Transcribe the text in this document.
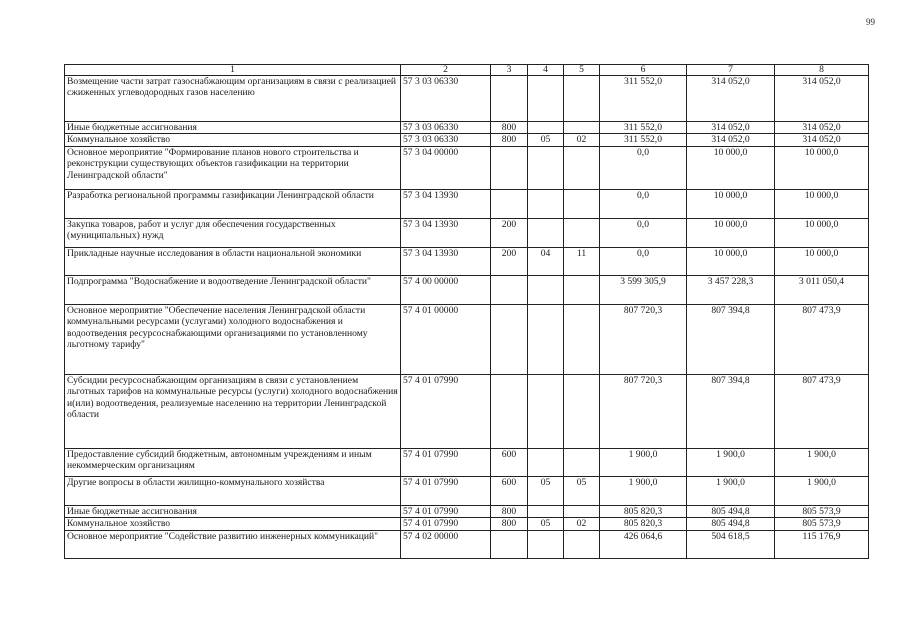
99
1	2	3	4	5	6	7	8
Возмещение части затрат газоснабжающим организациям в связи с реализацией сжиженных углеводородных газов населению	57 3 03 06330				311 552,0	314 052,0	314 052,0
Иные бюджетные ассигнования	57 3 03 06330	800			311 552,0	314 052,0	314 052,0
Коммунальное хозяйство	57 3 03 06330	800	05	02	311 552,0	314 052,0	314 052,0
Основное мероприятие "Формирование планов нового строительства и реконструкции существующих объектов газификации на территории Ленинградской области"	57 3 04 00000				0,0	10 000,0	10 000,0
Разработка региональной программы газификации Ленинградской области	57 3 04 13930				0,0	10 000,0	10 000,0
Закупка товаров, работ и услуг для обеспечения государственных (муниципальных) нужд	57 3 04 13930	200			0,0	10 000,0	10 000,0
Прикладные научные исследования в области национальной экономики	57 3 04 13930	200	04	11	0,0	10 000,0	10 000,0
Подпрограмма "Водоснабжение и водоотведение Ленинградской области"	57 4 00 00000				3 599 305,9	3 457 228,3	3 011 050,4
Основное мероприятие "Обеспечение населения Ленинградской области коммунальными ресурсами (услугами) холодного водоснабжения и водоотведения ресурсоснабжающими организациями по установленному льготному тарифу"	57 4 01 00000				807 720,3	807 394,8	807 473,9
Субсидии ресурсоснабжающим организациям в связи с установлением льготных тарифов на коммунальные ресурсы (услуги) холодного водоснабжения и(или) водоотведения, реализуемые населению на территории Ленинградской области	57 4 01 07990				807 720,3	807 394,8	807 473,9
Предоставление субсидий бюджетным, автономным учреждениям и иным некоммерческим организациям	57 4 01 07990	600			1 900,0	1 900,0	1 900,0
Другие вопросы в области жилищно-коммунального хозяйства	57 4 01 07990	600	05	05	1 900,0	1 900,0	1 900,0
Иные бюджетные ассигнования	57 4 01 07990	800			805 820,3	805 494,8	805 573,9
Коммунальное хозяйство	57 4 01 07990	800	05	02	805 820,3	805 494,8	805 573,9
Основное мероприятие "Содействие развитию инженерных коммуникаций"	57 4 02 00000				426 064,6	504 618,5	115 176,9
